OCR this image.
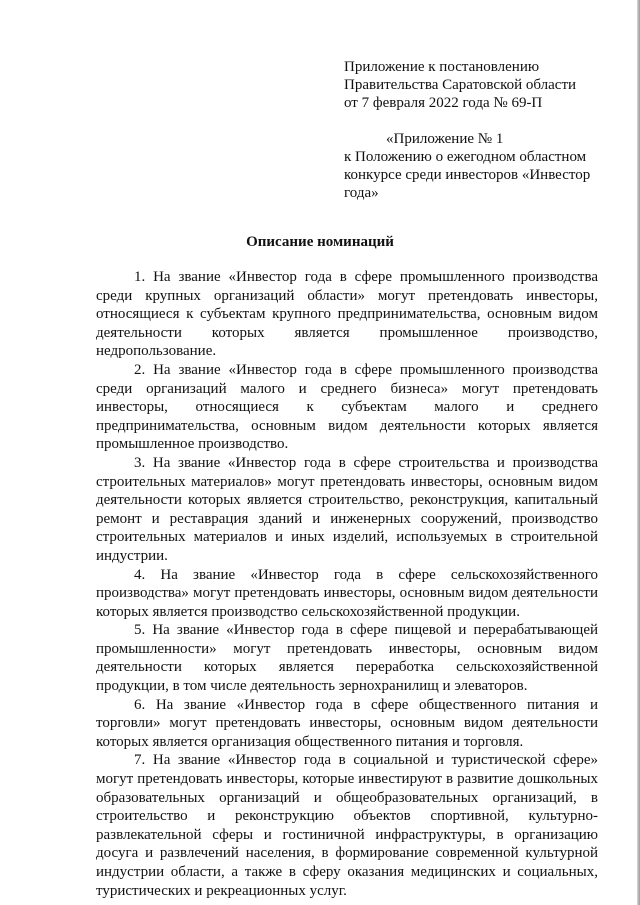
Приложение к постановлению
Правительства Саратовской области
от 7 февраля 2022 года № 69-П
«Приложение № 1
к Положению о ежегодном областном
конкурсе среди инвесторов «Инвестор
года»
Описание номинаций

1. На звание «Инвестор года в сфере промышленного производства среди крупных организаций области» могут претендовать инвесторы, относящиеся к субъектам крупного предпринимательства, основным видом деятельности которых является промышленное производство, недропользование.

2. На звание «Инвестор года в сфере промышленного производства среди организаций малого и среднего бизнеса» могут претендовать инвесторы, относящиеся к субъектам малого и среднего предпринимательства, основным видом деятельности которых является промышленное производство.

3. На звание «Инвестор года в сфере строительства и производства строительных материалов» могут претендовать инвесторы, основным видом деятельности которых является строительство, реконструкция, капитальный ремонт и реставрация зданий и инженерных сооружений, производство строительных материалов и иных изделий, используемых в строительной индустрии.

4. На звание «Инвестор года в сфере сельскохозяйственного производства» могут претендовать инвесторы, основным видом деятельности которых является производство сельскохозяйственной продукции.

5. На звание «Инвестор года в сфере пищевой и перерабатывающей промышленности» могут претендовать инвесторы, основным видом деятельности которых является переработка сельскохозяйственной продукции, в том числе деятельность зернохранилищ и элеваторов.

6. На звание «Инвестор года в сфере общественного питания и торговли» могут претендовать инвесторы, основным видом деятельности которых является организация общественного питания и торговля.

7. На звание «Инвестор года в социальной и туристической сфере» могут претендовать инвесторы, которые инвестируют в развитие дошкольных образовательных организаций и общеобразовательных организаций, в строительство и реконструкцию объектов спортивной, культурно-развлекательной сферы и гостиничной инфраструктуры, в организацию досуга и развлечений населения, в формирование современной культурной индустрии области, а также в сферу оказания медицинских и социальных, туристических и рекреационных услуг.
